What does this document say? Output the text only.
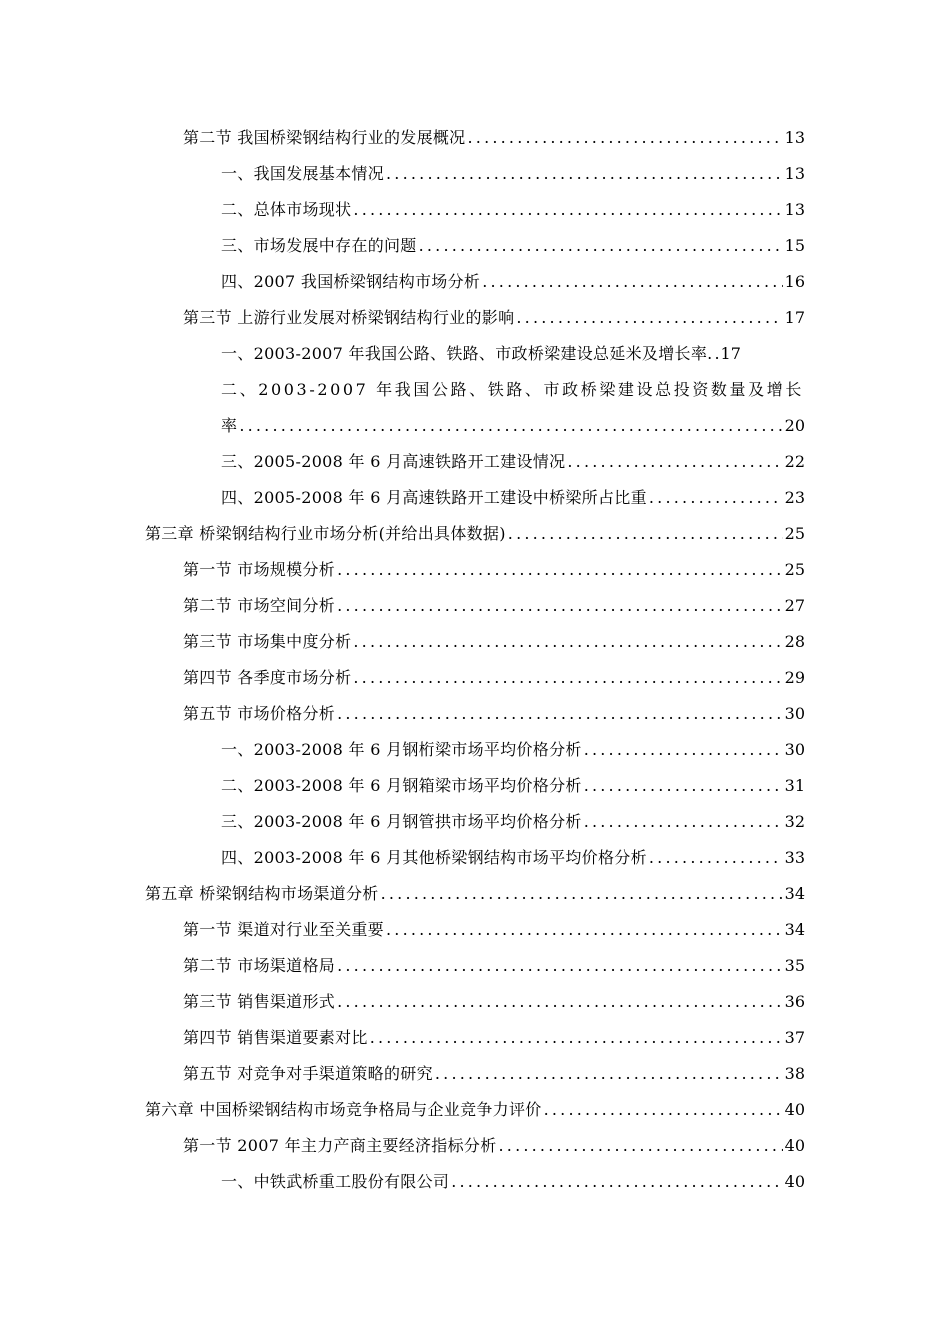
第二节 我国桥梁钢结构行业的发展概况 .....	13
一、我国发展基本情况 .....	13
二、总体市场现状 .....	13
三、市场发展中存在的问题 .....	15
四、2007 我国桥梁钢结构市场分析 .....	16
第三节 上游行业发展对桥梁钢结构行业的影响 .....	17
一、2003-2007 年我国公路、铁路、市政桥梁建设总延米及增长率. ..... 17
二、2003-2007 年我国公路、铁路、市政桥梁建设总投资数量及增长
率 .....	20
三、2005-2008 年 6 月高速铁路开工建设情况 .....	22
四、2005-2008 年 6 月高速铁路开工建设中桥梁所占比重 .....	23
第三章 桥梁钢结构行业市场分析(并给出具体数据) .....	25
第一节 市场规模分析 .....	25
第二节 市场空间分析 .....	27
第三节 市场集中度分析 .....	28
第四节 各季度市场分析 .....	29
第五节 市场价格分析 .....	30
一、2003-2008 年 6 月钢桁梁市场平均价格分析 .....	30
二、2003-2008 年 6 月钢箱梁市场平均价格分析 .....	31
三、2003-2008 年 6 月钢管拱市场平均价格分析 .....	32
四、2003-2008 年 6 月其他桥梁钢结构市场平均价格分析 .....	33
第五章 桥梁钢结构市场渠道分析 .....	34
第一节 渠道对行业至关重要 .....	34
第二节 市场渠道格局 .....	35
第三节 销售渠道形式 .....	36
第四节 销售渠道要素对比 .....	37
第五节 对竞争对手渠道策略的研究 .....	38
第六章 中国桥梁钢结构市场竞争格局与企业竞争力评价 .....	40
第一节 2007 年主力产商主要经济指标分析 .....	40
一、中铁武桥重工股份有限公司 .....	40
